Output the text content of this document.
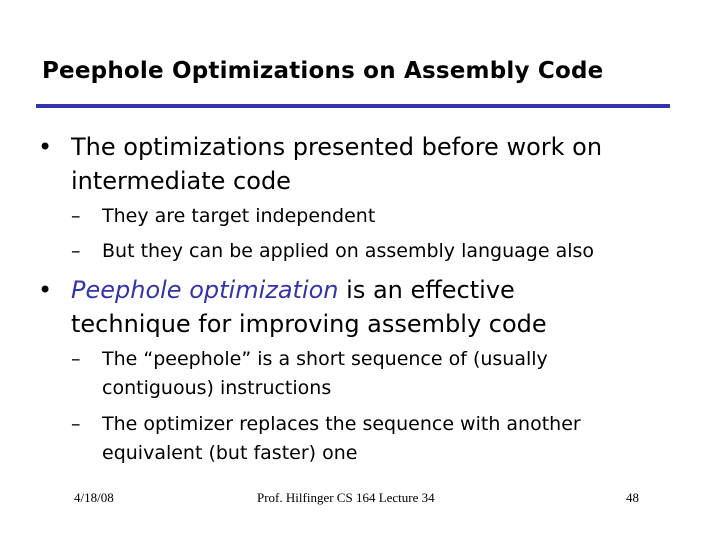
Peephole Optimizations on Assembly Code
• The optimizations presented before work on
intermediate code
– They are target independent
– But they can be applied on assembly language also
• Peephole optimization is an effective
technique for improving assembly code
– The “peephole” is a short sequence of (usually
contiguous) instructions
– The optimizer replaces the sequence with another
equivalent (but faster) one
4/18/08	Prof. Hilfinger CS 164 Lecture 34	48
